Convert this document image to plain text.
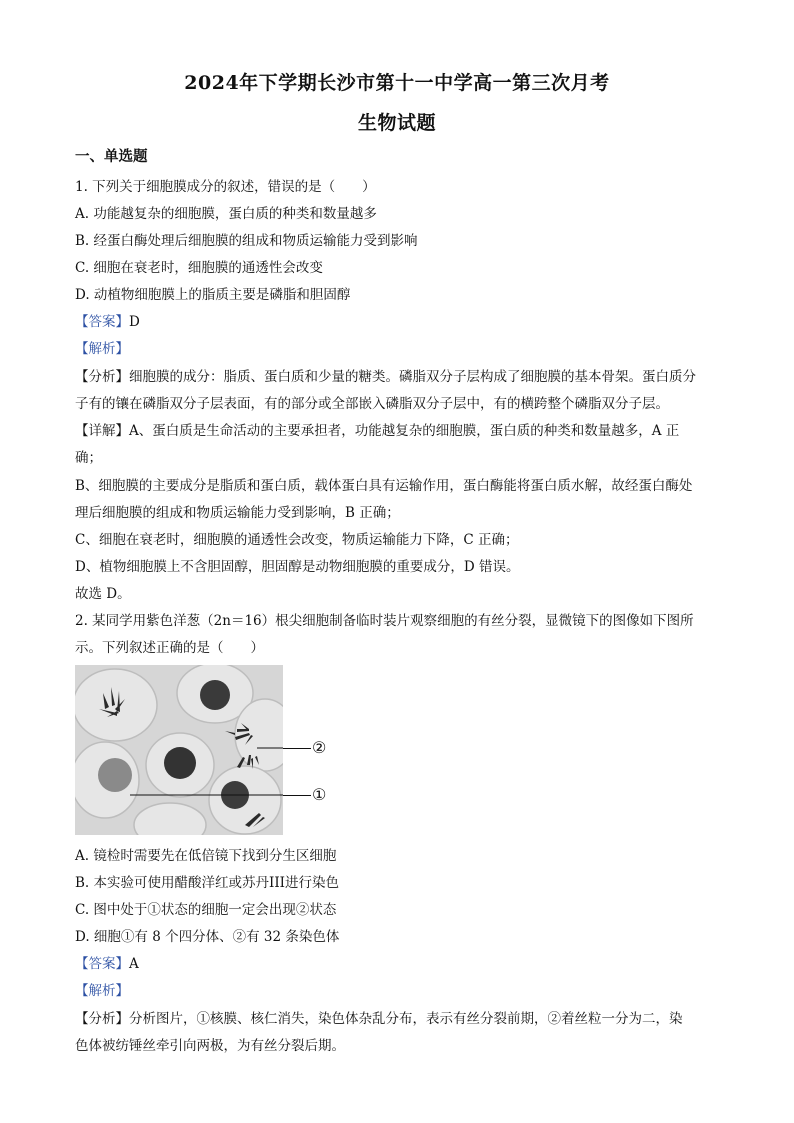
2024年下学期长沙市第十一中学高一第三次月考
生物试题
一、单选题
1. 下列关于细胞膜成分的叙述，错误的是（　　）
A. 功能越复杂的细胞膜，蛋白质的种类和数量越多
B. 经蛋白酶处理后细胞膜的组成和物质运输能力受到影响
C. 细胞在衰老时，细胞膜的通透性会改变
D. 动植物细胞膜上的脂质主要是磷脂和胆固醇
【答案】D
【解析】
【分析】细胞膜的成分：脂质、蛋白质和少量的糖类。磷脂双分子层构成了细胞膜的基本骨架。蛋白质分
子有的镶在磷脂双分子层表面，有的部分或全部嵌入磷脂双分子层中，有的横跨整个磷脂双分子层。
【详解】A、蛋白质是生命活动的主要承担者，功能越复杂的细胞膜，蛋白质的种类和数量越多，A 正
确；
B、细胞膜的主要成分是脂质和蛋白质，载体蛋白具有运输作用，蛋白酶能将蛋白质水解，故经蛋白酶处
理后细胞膜的组成和物质运输能力受到影响，B 正确；
C、细胞在衰老时，细胞膜的通透性会改变，物质运输能力下降，C 正确；
D、植物细胞膜上不含胆固醇，胆固醇是动物细胞膜的重要成分，D 错误。
故选 D。
2. 某同学用紫色洋葱（2n＝16）根尖细胞制备临时装片观察细胞的有丝分裂，显微镜下的图像如下图所
示。下列叙述正确的是（　　）
②
①
A. 镜检时需要先在低倍镜下找到分生区细胞
B. 本实验可使用醋酸洋红或苏丹III进行染色
C. 图中处于①状态的细胞一定会出现②状态
D. 细胞①有 8 个四分体、②有 32 条染色体
【答案】A
【解析】
【分析】分析图片，①核膜、核仁消失，染色体杂乱分布，表示有丝分裂前期，②着丝粒一分为二，染
色体被纺锤丝牵引向两极，为有丝分裂后期。
